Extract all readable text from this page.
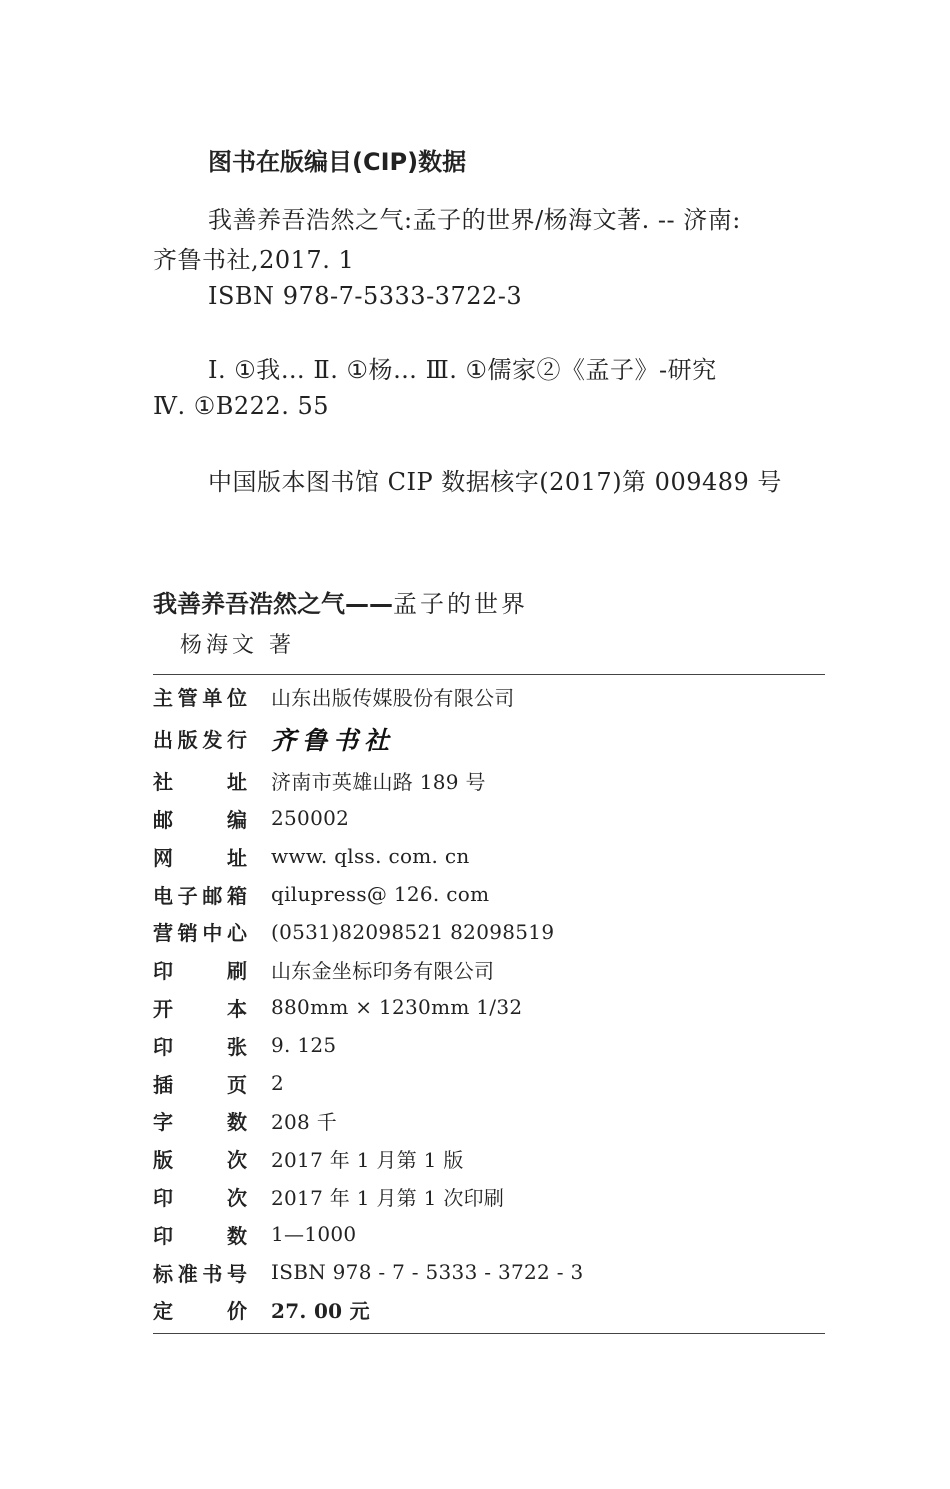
图书在版编目(CIP)数据
我善养吾浩然之气:孟子的世界/杨海文著. -- 济南:
齐鲁书社,2017. 1
ISBN 978-7-5333-3722-3
Ⅰ. ①我… Ⅱ. ①杨… Ⅲ. ①儒家②《孟子》-研究
Ⅳ. ①B222. 55
中国版本图书馆 CIP 数据核字(2017)第 009489 号
我善养吾浩然之气——孟子的世界
杨海文 著
主 管 单 位 山东出版传媒股份有限公司
出 版 发 行 齐鲁书社
社	址 济南市英雄山路 189 号
邮	编 250002
网	址 www. qlss. com. cn
电 子 邮 箱 qilupress@ 126. com
营 销 中 心 (0531)82098521 82098519
印	刷 山东金坐标印务有限公司
开	本 880mm × 1230mm 1/32
印	张 9. 125
插	页 2
字	数 208 千
版	次 2017 年 1 月第 1 版
印	次 2017 年 1 月第 1 次印刷
印	数 1—1000
标 准 书 号 ISBN 978 - 7 - 5333 - 3722 - 3
定	价 27. 00 元
